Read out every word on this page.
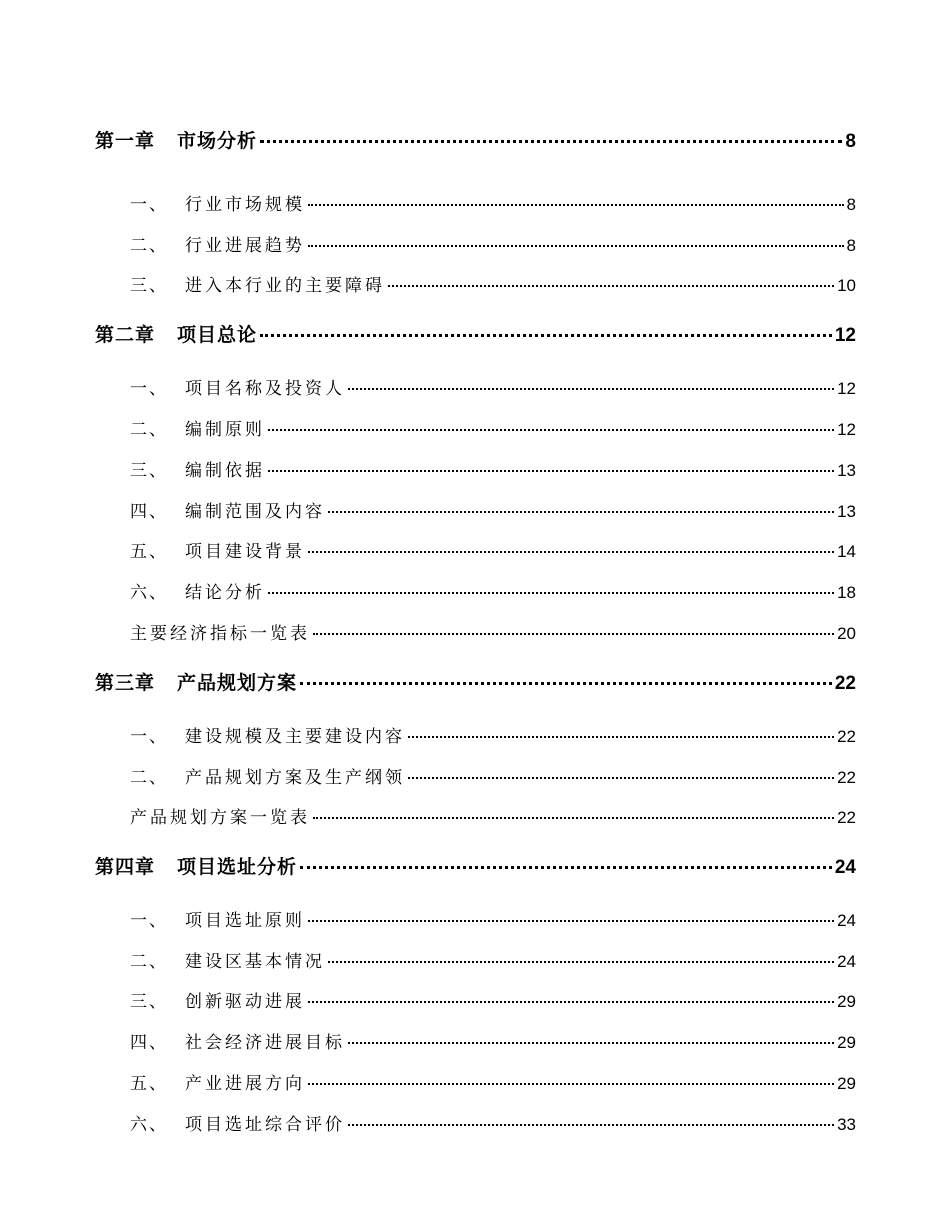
第一章	市场分析	8
一、	行业市场规模	8
二、	行业进展趋势	8
三、	进入本行业的主要障碍	10
第二章	项目总论	12
一、	项目名称及投资人	12
二、	编制原则	12
三、	编制依据	13
四、	编制范围及内容	13
五、	项目建设背景	14
六、	结论分析	18
主要经济指标一览表	20
第三章	产品规划方案	22
一、	建设规模及主要建设内容	22
二、	产品规划方案及生产纲领	22
产品规划方案一览表	22
第四章	项目选址分析	24
一、	项目选址原则	24
二、	建设区基本情况	24
三、	创新驱动进展	29
四、	社会经济进展目标	29
五、	产业进展方向	29
六、	项目选址综合评价	33
